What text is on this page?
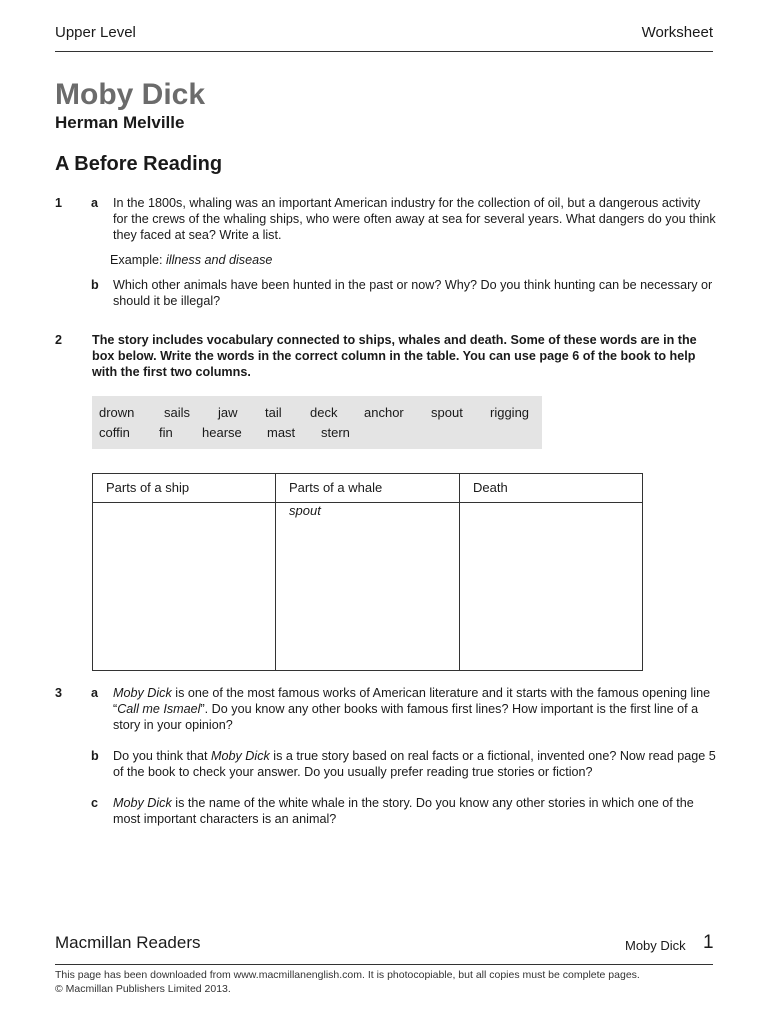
Upper Level	Worksheet
Moby Dick
Herman Melville
A Before Reading
1 a In the 1800s, whaling was an important American industry for the collection of oil, but a dangerous activity for the crews of the whaling ships, who were often away at sea for several years. What dangers do you think they faced at sea? Write a list.
Example: illness and disease
b Which other animals have been hunted in the past or now? Why? Do you think hunting can be necessary or should it be illegal?
2 The story includes vocabulary connected to ships, whales and death. Some of these words are in the box below. Write the words in the correct column in the table. You can use page 6 of the book to help with the first two columns.
drown sails jaw tail deck anchor spout rigging
coffin fin hearse mast stern
Parts of a ship	Parts of a whale	Death
	spout	
3 a Moby Dick is one of the most famous works of American literature and it starts with the famous opening line “Call me Ismael”. Do you know any other books with famous first lines? How important is the first line of a story in your opinion?
b Do you think that Moby Dick is a true story based on real facts or a fictional, invented one? Now read page 5 of the book to check your answer. Do you usually prefer reading true stories or fiction?
c Moby Dick is the name of the white whale in the story. Do you know any other stories in which one of the most important characters is an animal?
Macmillan Readers	Moby Dick 1
This page has been downloaded from www.macmillanenglish.com. It is photocopiable, but all copies must be complete pages.
© Macmillan Publishers Limited 2013.
